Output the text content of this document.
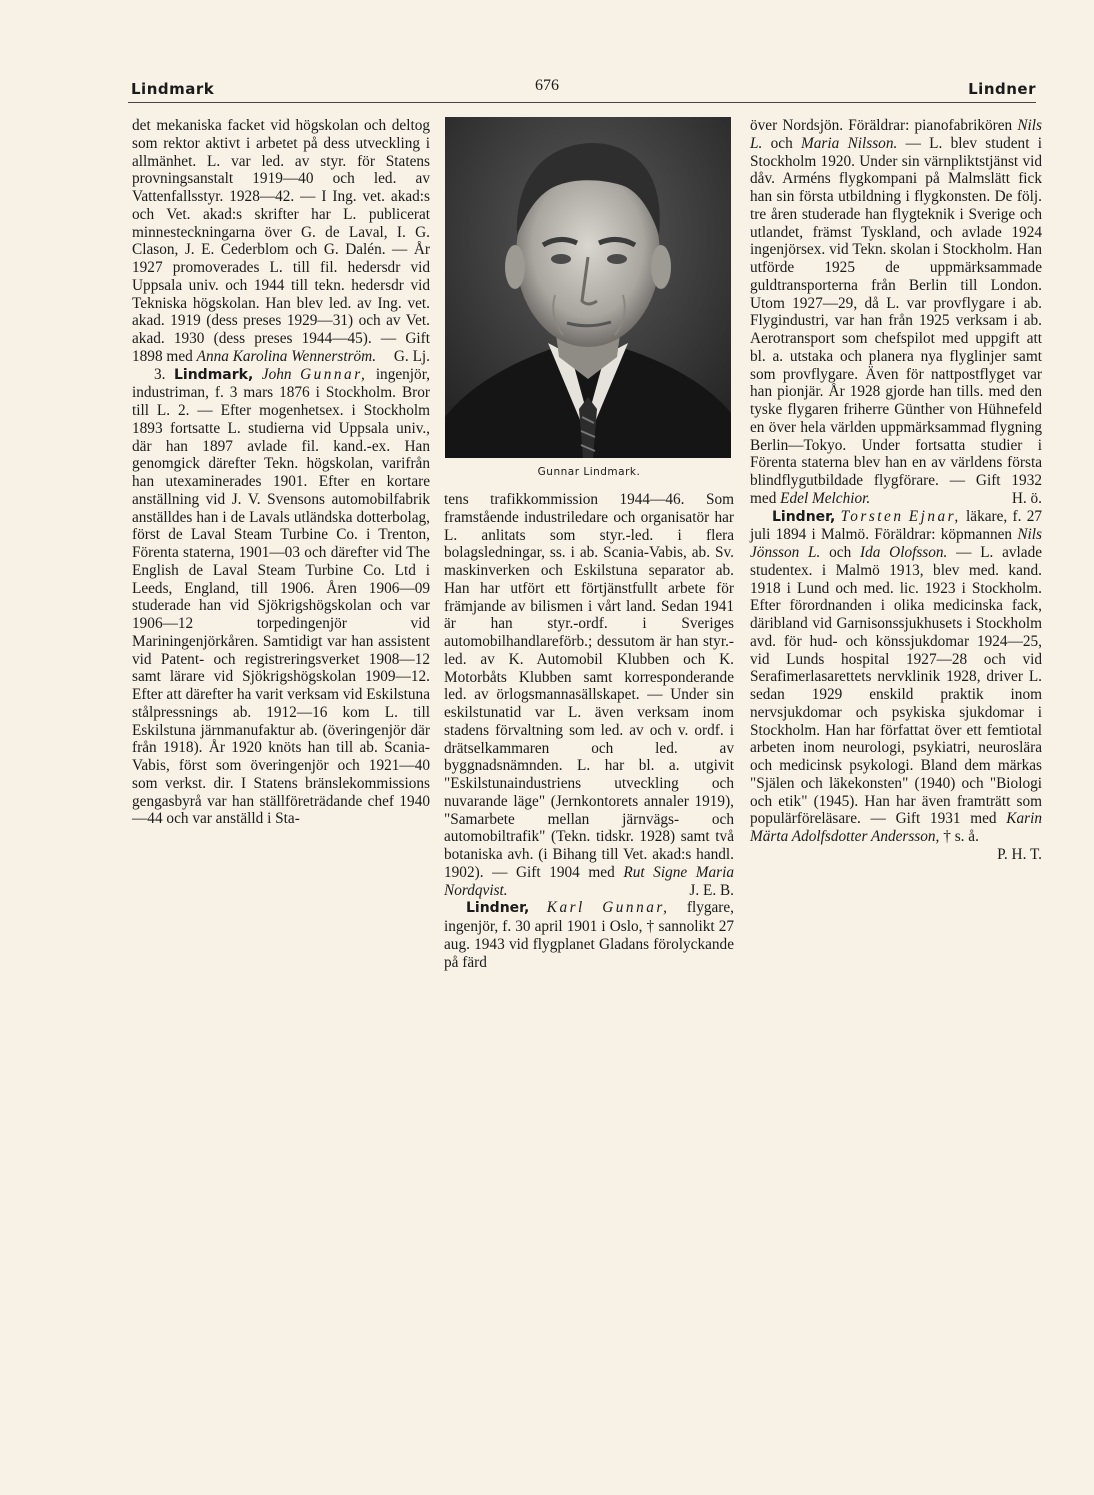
Lindmark	676	Lindner

det mekaniska facket vid högskolan och deltog som rektor aktivt i arbetet på dess utveckling i allmänhet. L. var led. av styr. för Statens provningsanstalt 1919—40 och led. av Vattenfallsstyr. 1928—42. — I Ing. vet. akad:s och Vet. akad:s skrifter har L. publicerat minnesteckningarna över G. de Laval, I. G. Clason, J. E. Cederblom och G. Dalén. — År 1927 promoverades L. till fil. hedersdr vid Uppsala univ. och 1944 till tekn. hedersdr vid Tekniska högskolan. Han blev led. av Ing. vet. akad. 1919 (dess preses 1929—31) och av Vet. akad. 1930 (dess preses 1944—45). — Gift 1898 med Anna Karolina Wennerström. G. Lj.

3. Lindmark, John Gunnar, ingenjör, industriman, f. 3 mars 1876 i Stockholm. Bror till L. 2. — Efter mogenhetsex. i Stockholm 1893 fortsatte L. studierna vid Uppsala univ., där han 1897 avlade fil. kand.-ex. Han genomgick därefter Tekn. högskolan, varifrån han utexaminerades 1901. Efter en kortare anställning vid J. V. Svensons automobilfabrik anställdes han i de Lavals utländska dotterbolag, först de Laval Steam Turbine Co. i Trenton, Förenta staterna, 1901—03 och därefter vid The English de Laval Steam Turbine Co. Ltd i Leeds, England, till 1906. Åren 1906—09 studerade han vid Sjökrigshögskolan och var 1906—12 torpedingenjör vid Mariningenjörkåren. Samtidigt var han assistent vid Patent- och registreringsverket 1908—12 samt lärare vid Sjökrigshögskolan 1909—12. Efter att därefter ha varit verksam vid Eskilstuna stålpressnings ab. 1912—16 kom L. till Eskilstuna järnmanufaktur ab. (överingenjör där från 1918). År 1920 knöts han till ab. Scania-Vabis, först som överingenjör och 1921—40 som verkst. dir. I Statens bränslekommissions gengasbyrå var han ställföreträdande chef 1940—44 och var anställd i Sta-

Gunnar Lindmark.

tens trafikkommission 1944—46. Som framstående industriledare och organisatör har L. anlitats som styr.-led. i flera bolagsledningar, ss. i ab. Scania-Vabis, ab. Sv. maskinverken och Eskilstuna separator ab. Han har utfört ett förtjänstfullt arbete för främjande av bilismen i vårt land. Sedan 1941 är han styr.-ordf. i Sveriges automobilhandlareförb.; dessutom är han styr.-led. av K. Automobil Klubben och K. Motorbåts Klubben samt korresponderande led. av örlogsmannasällskapet. — Under sin eskilstunatid var L. även verksam inom stadens förvaltning som led. av och v. ordf. i drätselkammaren och led. av byggnadsnämnden. L. har bl. a. utgivit "Eskilstunaindustriens utveckling och nuvarande läge" (Jernkontorets annaler 1919), "Samarbete mellan järnvägs- och automobiltrafik" (Tekn. tidskr. 1928) samt två botaniska avh. (i Bihang till Vet. akad:s handl. 1902). — Gift 1904 med Rut Signe Maria Nordqvist.	J. E. B.

Lindner, Karl Gunnar, flygare, ingenjör, f. 30 april 1901 i Oslo, † sannolikt 27 aug. 1943 vid flygplanet Gladans förolyckande på färd

över Nordsjön. Föräldrar: pianofabrikören Nils L. och Maria Nilsson. — L. blev student i Stockholm 1920. Under sin värnpliktstjänst vid dåv. Arméns flygkompani på Malmslätt fick han sin första utbildning i flygkonsten. De följ. tre åren studerade han flygteknik i Sverige och utlandet, främst Tyskland, och avlade 1924 ingenjörsex. vid Tekn. skolan i Stockholm. Han utförde 1925 de uppmärksammade guldtransporterna från Berlin till London. Utom 1927—29, då L. var provflygare i ab. Flygindustri, var han från 1925 verksam i ab. Aerotransport som chefspilot med uppgift att bl. a. utstaka och planera nya flyglinjer samt som provflygare. Även för nattpostflyget var han pionjär. År 1928 gjorde han tills. med den tyske flygaren friherre Günther von Hühnefeld en över hela världen uppmärksammad flygning Berlin—Tokyo. Under fortsatta studier i Förenta staterna blev han en av världens första blindflygutbildade flygförare. — Gift 1932 med Edel Melchior.	H. ö.

Lindner, Torsten Ejnar, läkare, f. 27 juli 1894 i Malmö. Föräldrar: köpmannen Nils Jönsson L. och Ida Olofsson. — L. avlade studentex. i Malmö 1913, blev med. kand. 1918 i Lund och med. lic. 1923 i Stockholm. Efter förordnanden i olika medicinska fack, däribland vid Garnisonssjukhusets i Stockholm avd. för hud- och könssjukdomar 1924—25, vid Lunds hospital 1927—28 och vid Serafimerlasarettets nervklinik 1928, driver L. sedan 1929 enskild praktik inom nervsjukdomar och psykiska sjukdomar i Stockholm. Han har författat över ett femtiotal arbeten inom neurologi, psykiatri, neuroslära och medicinsk psykologi. Bland dem märkas "Själen och läkekonsten" (1940) och "Biologi och etik" (1945). Han har även framträtt som populärföreläsare. — Gift 1931 med Karin Märta Adolfsdotter Andersson, † s. å.
P. H. T.
